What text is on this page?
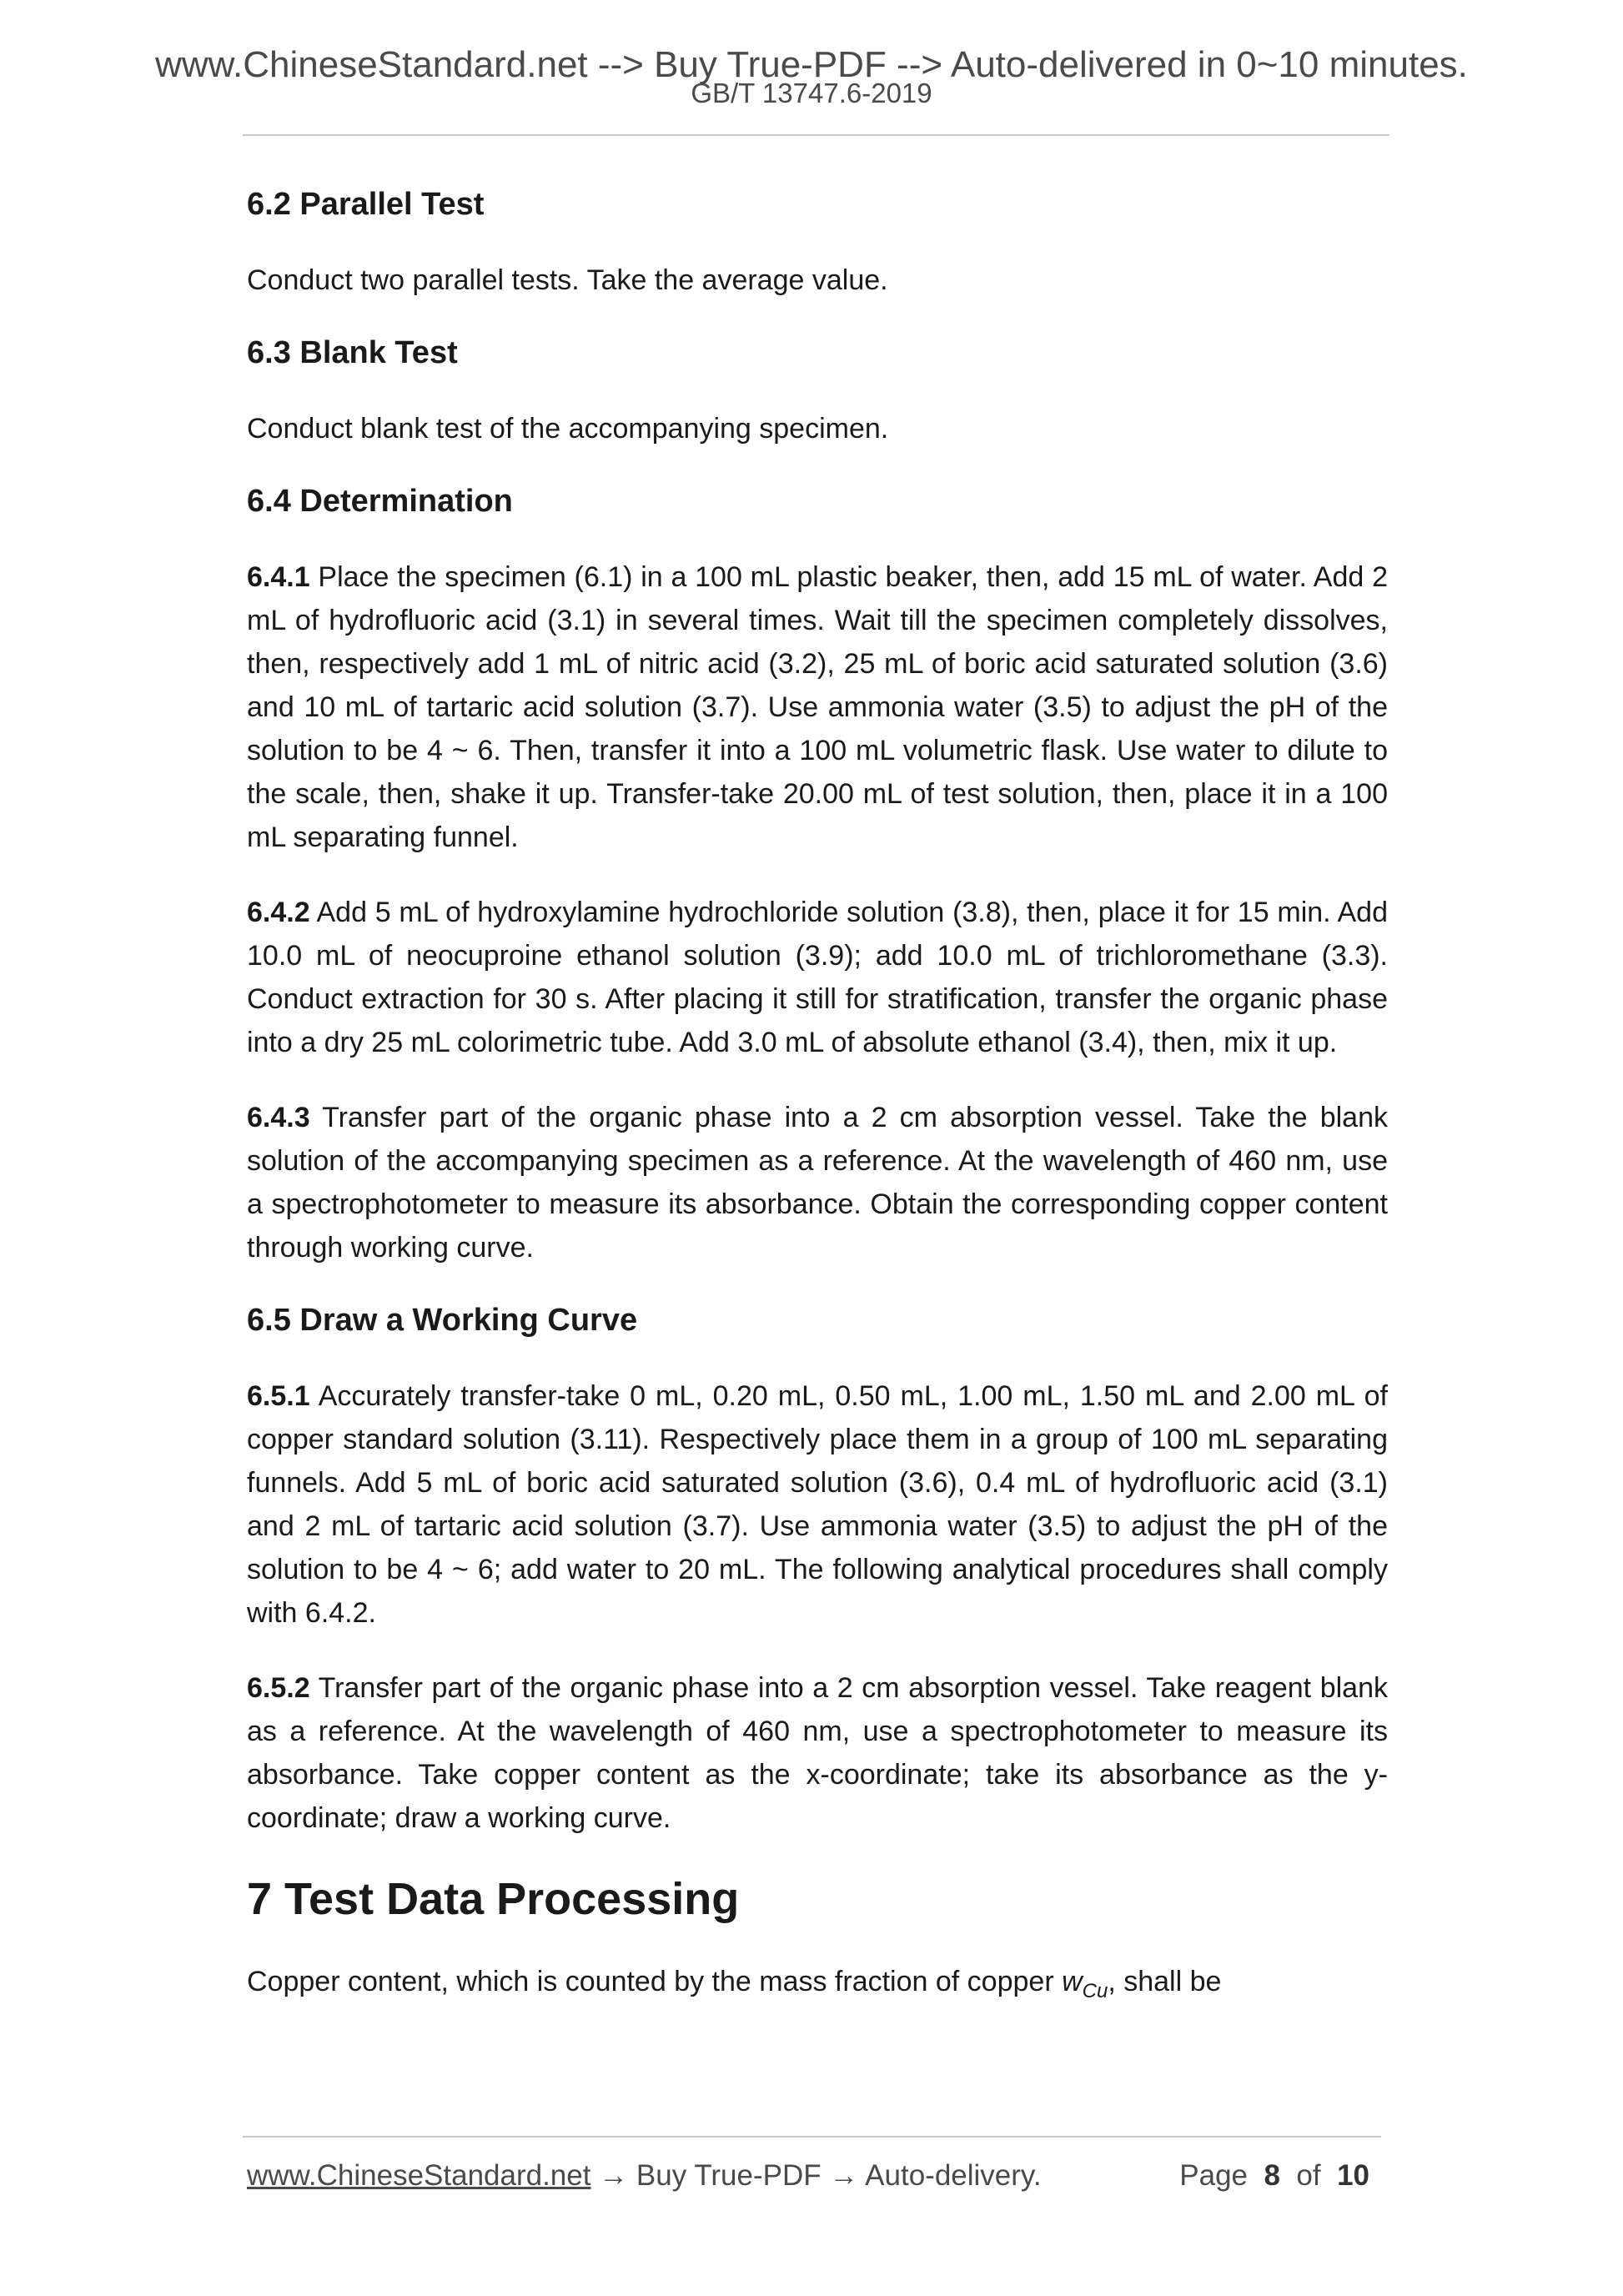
www.ChineseStandard.net --> Buy True-PDF --> Auto-delivered in 0~10 minutes.
GB/T 13747.6-2019
6.2 Parallel Test

Conduct two parallel tests. Take the average value.

6.3 Blank Test

Conduct blank test of the accompanying specimen.

6.4 Determination

6.4.1 Place the specimen (6.1) in a 100 mL plastic beaker, then, add 15 mL of water. Add 2 mL of hydrofluoric acid (3.1) in several times. Wait till the specimen completely dissolves, then, respectively add 1 mL of nitric acid (3.2), 25 mL of boric acid saturated solution (3.6) and 10 mL of tartaric acid solution (3.7). Use ammonia water (3.5) to adjust the pH of the solution to be 4 ~ 6. Then, transfer it into a 100 mL volumetric flask. Use water to dilute to the scale, then, shake it up. Transfer-take 20.00 mL of test solution, then, place it in a 100 mL separating funnel.

6.4.2 Add 5 mL of hydroxylamine hydrochloride solution (3.8), then, place it for 15 min. Add 10.0 mL of neocuproine ethanol solution (3.9); add 10.0 mL of trichloromethane (3.3). Conduct extraction for 30 s. After placing it still for stratification, transfer the organic phase into a dry 25 mL colorimetric tube. Add 3.0 mL of absolute ethanol (3.4), then, mix it up.

6.4.3 Transfer part of the organic phase into a 2 cm absorption vessel. Take the blank solution of the accompanying specimen as a reference. At the wavelength of 460 nm, use a spectrophotometer to measure its absorbance. Obtain the corresponding copper content through working curve.

6.5 Draw a Working Curve

6.5.1 Accurately transfer-take 0 mL, 0.20 mL, 0.50 mL, 1.00 mL, 1.50 mL and 2.00 mL of copper standard solution (3.11). Respectively place them in a group of 100 mL separating funnels. Add 5 mL of boric acid saturated solution (3.6), 0.4 mL of hydrofluoric acid (3.1) and 2 mL of tartaric acid solution (3.7). Use ammonia water (3.5) to adjust the pH of the solution to be 4 ~ 6; add water to 20 mL. The following analytical procedures shall comply with 6.4.2.

6.5.2 Transfer part of the organic phase into a 2 cm absorption vessel. Take reagent blank as a reference. At the wavelength of 460 nm, use a spectrophotometer to measure its absorbance. Take copper content as the x-coordinate; take its absorbance as the y-coordinate; draw a working curve.

7 Test Data Processing

Copper content, which is counted by the mass fraction of copper $w_{Cu}$, shall be

www.ChineseStandard.net → Buy True-PDF → Auto-delivery.	Page 8 of 10
